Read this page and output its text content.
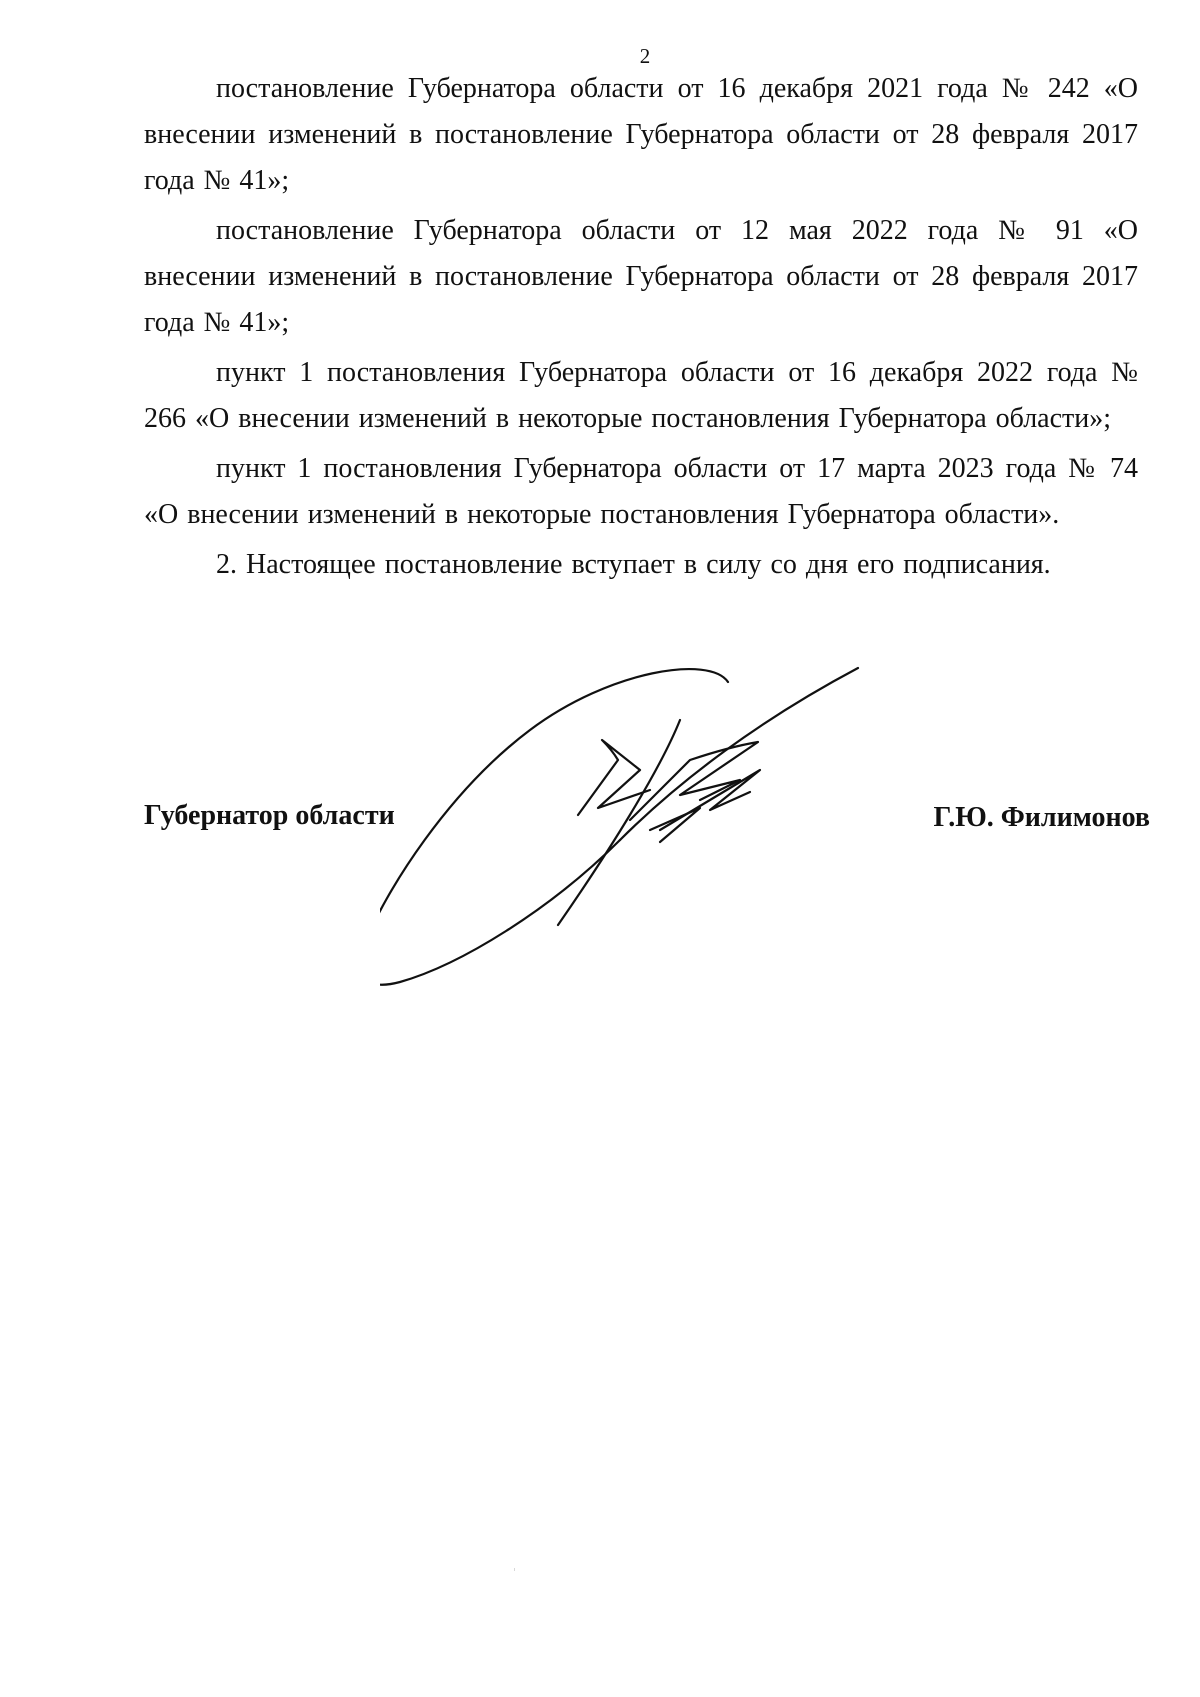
2

постановление Губернатора области от 16 декабря 2021 года № 242 «О внесении изменений в постановление Губернатора области от 28 февраля 2017 года № 41»;

постановление Губернатора области от 12 мая 2022 года № 91 «О внесении изменений в постановление Губернатора области от 28 февраля 2017 года № 41»;

пункт 1 постановления Губернатора области от 16 декабря 2022 года № 266 «О внесении изменений в некоторые постановления Губернатора области»;

пункт 1 постановления Губернатора области от 17 марта 2023 года № 74 «О внесении изменений в некоторые постановления Губернатора области».

2. Настоящее постановление вступает в силу со дня его подписания.

Губернатор области	Г.Ю. Филимонов
